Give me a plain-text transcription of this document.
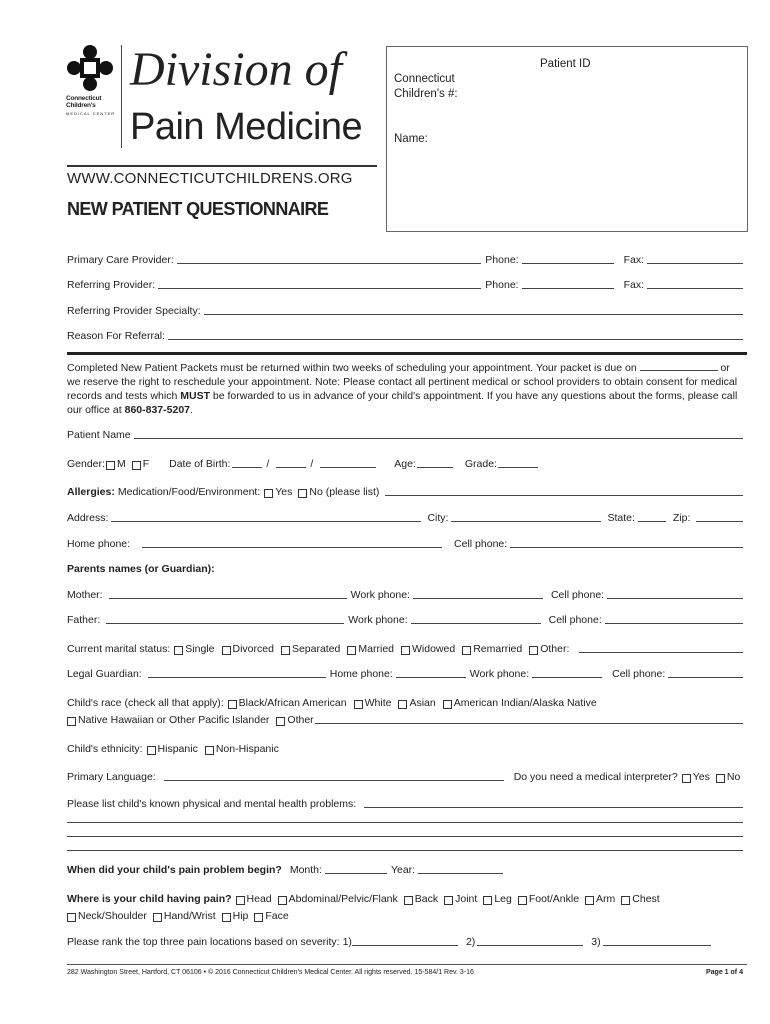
Connecticut
Children's
MEDICAL CENTER
Division of
Pain Medicine
WWW.CONNECTICUTCHILDRENS.ORG
NEW PATIENT QUESTIONNAIRE
Patient ID
Connecticut Children's #:
Name:
Primary Care Provider:	Phone:	Fax:
Referring Provider:	Phone:	Fax:
Referring Provider Specialty:
Reason For Referral:
Completed New Patient Packets must be returned within two weeks of scheduling your appointment. Your packet is due on	or we reserve the right to reschedule your appointment. Note: Please contact all pertinent medical or school providers to obtain consent for medical records and tests which MUST be forwarded to us in advance of your child's appointment. If you have any questions about the forms, please call our office at 860-837-5207.
Patient Name
Gender: M F Date of Birth:	/	/	Age:	Grade:
Allergies: Medication/Food/Environment: Yes No (please list)
Address:	City:	State:	Zip:
Home phone:	Cell phone:
Parents names (or Guardian):
Mother:	Work phone:	Cell phone:
Father:	Work phone:	Cell phone:
Current marital status: Single Divorced Separated Married Widowed Remarried Other:
Legal Guardian:	Home phone:	Work phone:	Cell phone:
Child's race (check all that apply): Black/African American White Asian American Indian/Alaska Native
Native Hawaiian or Other Pacific Islander Other
Child's ethnicity: Hispanic Non-Hispanic
Primary Language:	Do you need a medical interpreter? Yes No
Please list child's known physical and mental health problems:
When did your child's pain problem begin? Month:	Year:
Where is your child having pain? Head Abdominal/Pelvic/Flank Back Joint Leg Foot/Ankle Arm Chest
Neck/Shoulder Hand/Wrist Hip Face
Please rank the top three pain locations based on severity: 1)	2)	3)
282 Washington Street, Hartford, CT 06106 • © 2016 Connecticut Children's Medical Center. All rights reserved. 15-584/1 Rev. 3-16	Page 1 of 4
